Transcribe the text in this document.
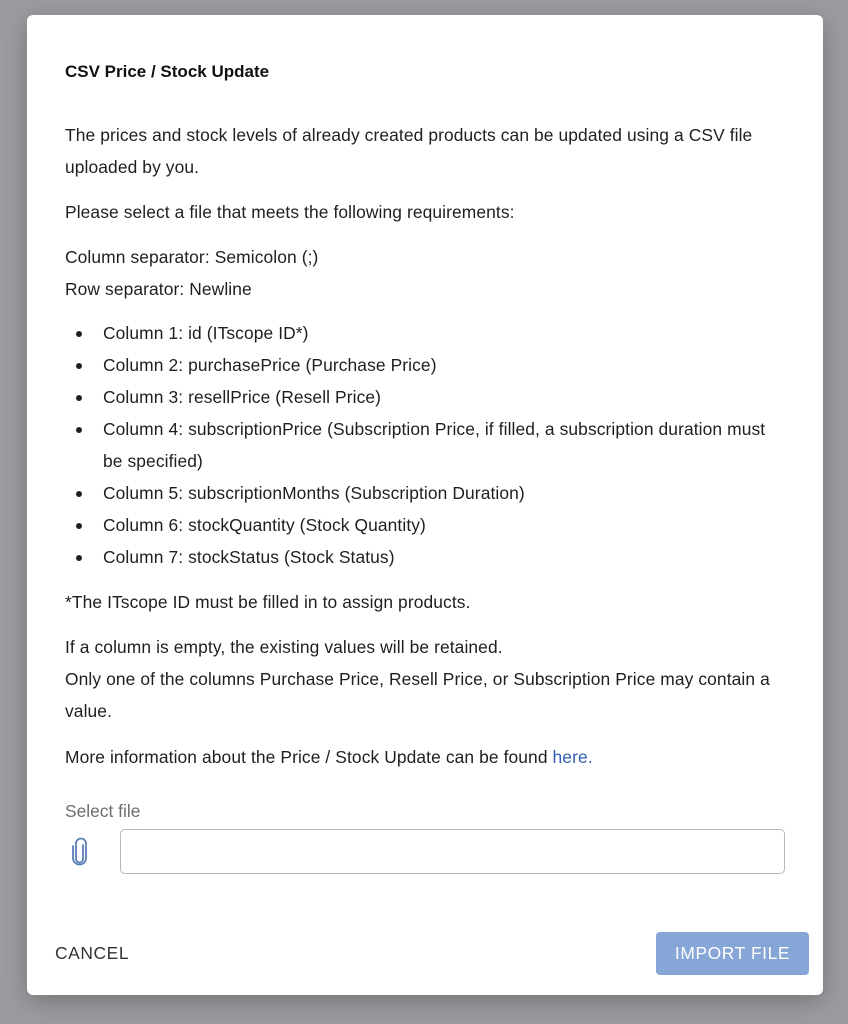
CSV Price / Stock Update

The prices and stock levels of already created products can be updated using a CSV file uploaded by you.

Please select a file that meets the following requirements:

Column separator: Semicolon (;)

Row separator: Newline

Column 1: id (ITscope ID*)
Column 2: purchasePrice (Purchase Price)
Column 3: resellPrice (Resell Price)
Column 4: subscriptionPrice (Subscription Price, if filled, a subscription duration must be specified)
Column 5: subscriptionMonths (Subscription Duration)
Column 6: stockQuantity (Stock Quantity)
Column 7: stockStatus (Stock Status)

*The ITscope ID must be filled in to assign products.

If a column is empty, the existing values will be retained.

Only one of the columns Purchase Price, Resell Price, or Subscription Price may contain a value.

More information about the Price / Stock Update can be found here.

Select file
CANCEL	IMPORT FILE
